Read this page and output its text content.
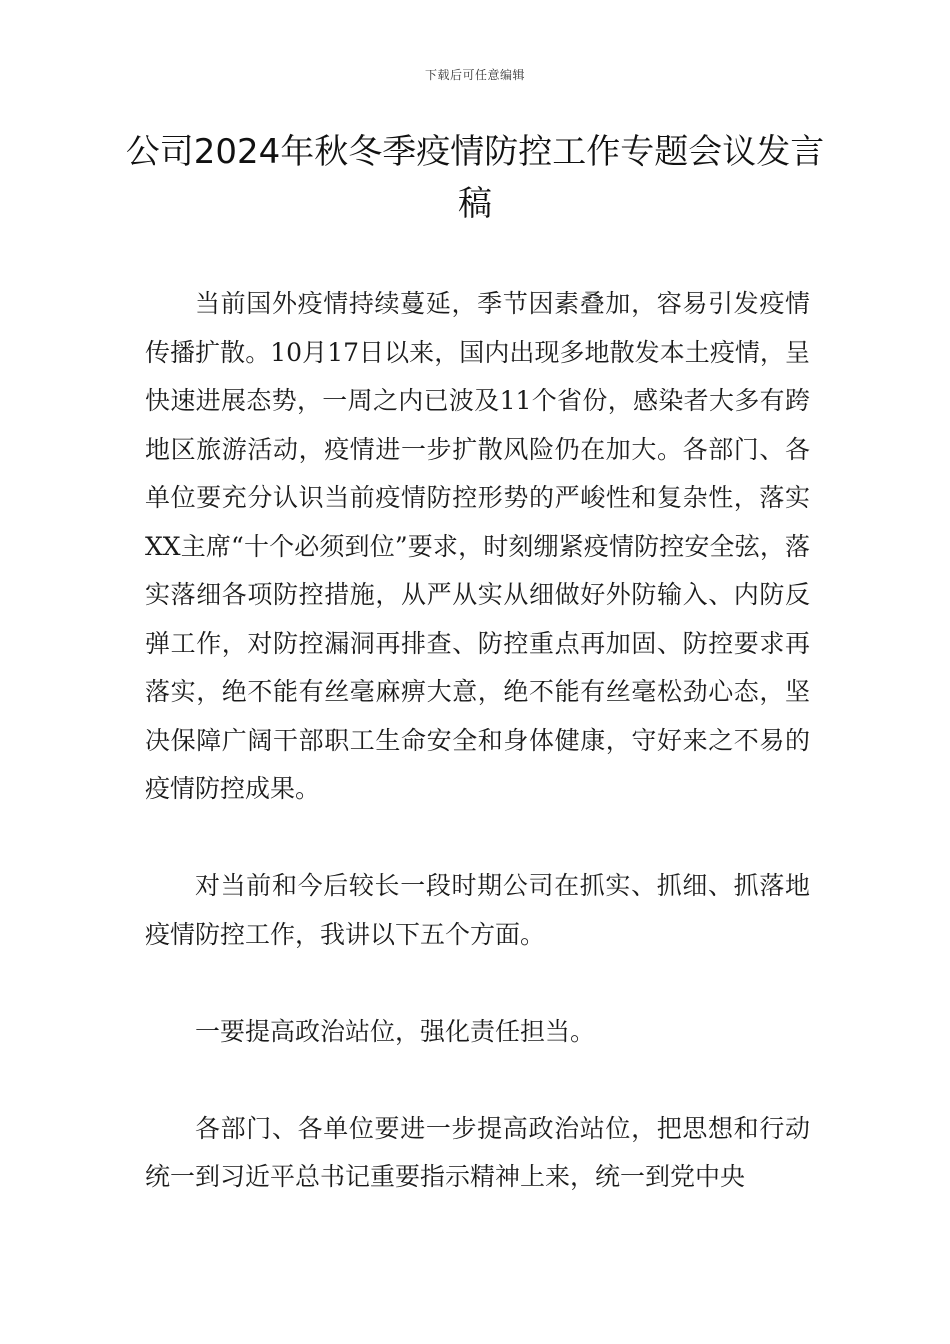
下载后可任意编辑
公司2024年秋冬季疫情防控工作专题会议发言稿

当前国外疫情持续蔓延，季节因素叠加，容易引发疫情传播扩散。10月17日以来，国内出现多地散发本土疫情，呈快速进展态势，一周之内已波及11个省份，感染者大多有跨地区旅游活动，疫情进一步扩散风险仍在加大。各部门、各单位要充分认识当前疫情防控形势的严峻性和复杂性，落实XX主席“十个必须到位”要求，时刻绷紧疫情防控安全弦，落实落细各项防控措施，从严从实从细做好外防输入、内防反弹工作，对防控漏洞再排查、防控重点再加固、防控要求再落实，绝不能有丝毫麻痹大意，绝不能有丝毫松劲心态，坚决保障广阔干部职工生命安全和身体健康，守好来之不易的疫情防控成果。

对当前和今后较长一段时期公司在抓实、抓细、抓落地疫情防控工作，我讲以下五个方面。

一要提高政治站位，强化责任担当。

各部门、各单位要进一步提高政治站位，把思想和行动统一到习近平总书记重要指示精神上来，统一到党中央
